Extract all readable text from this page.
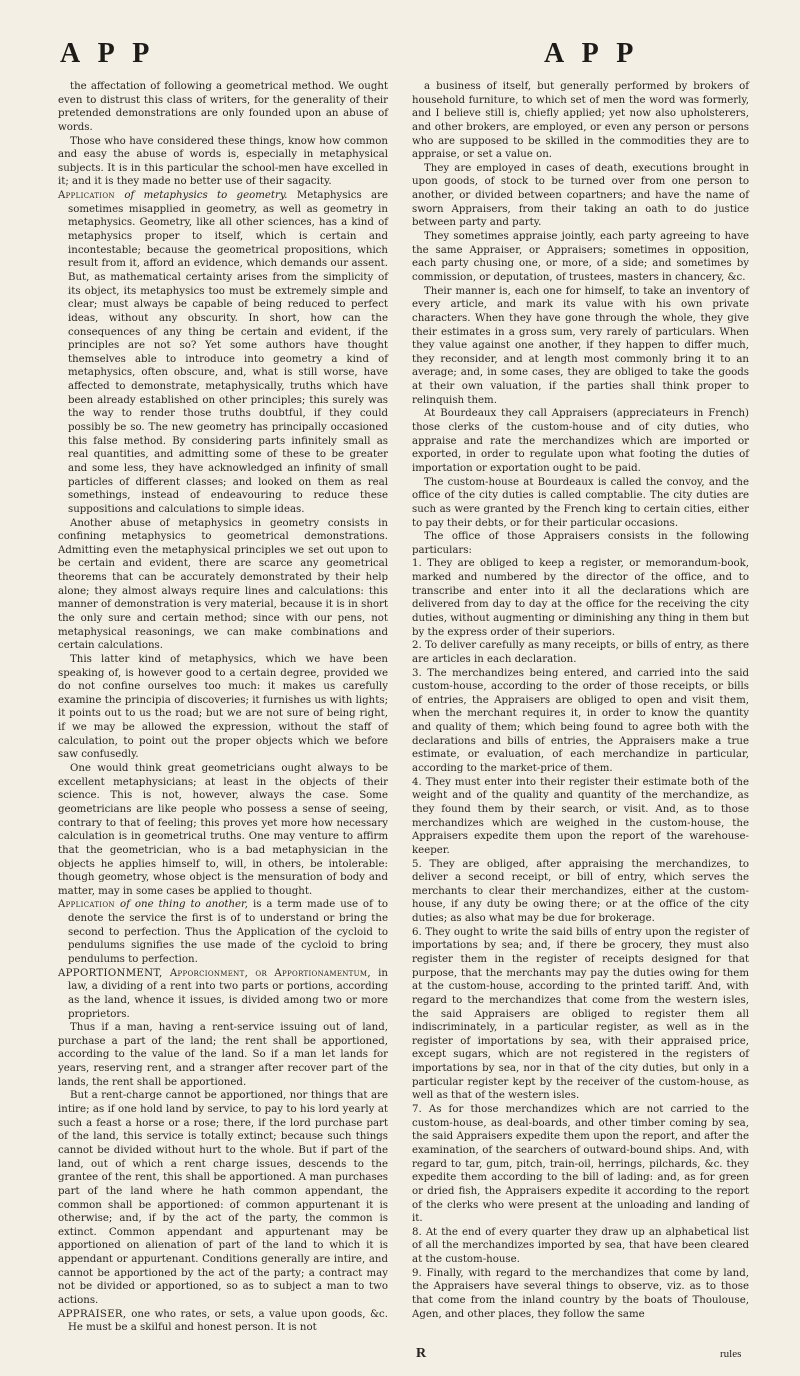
A P P	A P P

the affectation of following a geometrical method. We ought even to distrust this class of writers, for the generality of their pretended demonstrations are only founded upon an abuse of words.

Those who have considered these things, know how common and easy the abuse of words is, especially in metaphysical subjects. It is in this particular the school-men have excelled in it; and it is they made no better use of their sagacity.

Application of metaphysics to geometry. Metaphysics are sometimes misapplied in geometry, as well as geometry in metaphysics. Geometry, like all other sciences, has a kind of metaphysics proper to itself, which is certain and incontestable; because the geometrical propositions, which result from it, afford an evidence, which demands our assent. But, as mathematical certainty arises from the simplicity of its object, its metaphysics too must be extremely simple and clear; must always be capable of being reduced to perfect ideas, without any obscurity. In short, how can the consequences of any thing be certain and evident, if the principles are not so? Yet some authors have thought themselves able to introduce into geometry a kind of metaphysics, often obscure, and, what is still worse, have affected to demonstrate, metaphysically, truths which have been already established on other principles; this surely was the way to render those truths doubtful, if they could possibly be so. The new geometry has principally occasioned this false method. By considering parts infinitely small as real quantities, and admitting some of these to be greater and some less, they have acknowledged an infinity of small particles of different classes; and looked on them as real somethings, instead of endeavouring to reduce these suppositions and calculations to simple ideas.

Another abuse of metaphysics in geometry consists in confining metaphysics to geometrical demonstrations. Admitting even the metaphysical principles we set out upon to be certain and evident, there are scarce any geometrical theorems that can be accurately demonstrated by their help alone; they almost always require lines and calculations: this manner of demonstration is very material, because it is in short the only sure and certain method; since with our pens, not metaphysical reasonings, we can make combinations and certain calculations.

This latter kind of metaphysics, which we have been speaking of, is however good to a certain degree, provided we do not confine ourselves too much: it makes us carefully examine the principia of discoveries; it furnishes us with lights; it points out to us the road; but we are not sure of being right, if we may be allowed the expression, without the staff of calculation, to point out the proper objects which we before saw confusedly.

One would think great geometricians ought always to be excellent metaphysicians; at least in the objects of their science. This is not, however, always the case. Some geometricians are like people who possess a sense of seeing, contrary to that of feeling; this proves yet more how necessary calculation is in geometrical truths. One may venture to affirm that the geometrician, who is a bad metaphysician in the objects he applies himself to, will, in others, be intolerable: though geometry, whose object is the mensuration of body and matter, may in some cases be applied to thought.

Application of one thing to another, is a term made use of to denote the service the first is of to understand or bring the second to perfection. Thus the Application of the cycloid to pendulums signifies the use made of the cycloid to bring pendulums to perfection.

APPORTIONMENT, Apporcionment, or Apportionamentum, in law, a dividing of a rent into two parts or portions, according as the land, whence it issues, is divided among two or more proprietors.

Thus if a man, having a rent-service issuing out of land, purchase a part of the land; the rent shall be apportioned, according to the value of the land. So if a man let lands for years, reserving rent, and a stranger after recover part of the lands, the rent shall be apportioned.

But a rent-charge cannot be apportioned, nor things that are intire; as if one hold land by service, to pay to his lord yearly at such a feast a horse or a rose; there, if the lord purchase part of the land, this service is totally extinct; because such things cannot be divided without hurt to the whole. But if part of the land, out of which a rent charge issues, descends to the grantee of the rent, this shall be apportioned. A man purchases part of the land where he hath common appendant, the common shall be apportioned: of common appurtenant it is otherwise; and, if by the act of the party, the common is extinct. Common appendant and appurtenant may be apportioned on alienation of part of the land to which it is appendant or appurtenant. Conditions generally are intire, and cannot be apportioned by the act of the party; a contract may not be divided or apportioned, so as to subject a man to two actions.

APPRAISER, one who rates, or sets, a value upon goods, &c. He must be a skilful and honest person. It is not

a business of itself, but generally performed by brokers of household furniture, to which set of men the word was formerly, and I believe still is, chiefly applied; yet now also upholsterers, and other brokers, are employed, or even any person or persons who are supposed to be skilled in the commodities they are to appraise, or set a value on.

They are employed in cases of death, executions brought in upon goods, of stock to be turned over from one person to another, or divided between copartners; and have the name of sworn Appraisers, from their taking an oath to do justice between party and party.

They sometimes appraise jointly, each party agreeing to have the same Appraiser, or Appraisers; sometimes in opposition, each party chusing one, or more, of a side; and sometimes by commission, or deputation, of trustees, masters in chancery, &c.

Their manner is, each one for himself, to take an inventory of every article, and mark its value with his own private characters. When they have gone through the whole, they give their estimates in a gross sum, very rarely of particulars. When they value against one another, if they happen to differ much, they reconsider, and at length most commonly bring it to an average; and, in some cases, they are obliged to take the goods at their own valuation, if the parties shall think proper to relinquish them.

At Bourdeaux they call Appraisers (appreciateurs in French) those clerks of the custom-house and of city duties, who appraise and rate the merchandizes which are imported or exported, in order to regulate upon what footing the duties of importation or exportation ought to be paid.

The custom-house at Bourdeaux is called the convoy, and the office of the city duties is called comptablie. The city duties are such as were granted by the French king to certain cities, either to pay their debts, or for their particular occasions.

The office of those Appraisers consists in the following particulars:

1. They are obliged to keep a register, or memorandum-book, marked and numbered by the director of the office, and to transcribe and enter into it all the declarations which are delivered from day to day at the office for the receiving the city duties, without augmenting or diminishing any thing in them but by the express order of their superiors.

2. To deliver carefully as many receipts, or bills of entry, as there are articles in each declaration.

3. The merchandizes being entered, and carried into the said custom-house, according to the order of those receipts, or bills of entries, the Appraisers are obliged to open and visit them, when the merchant requires it, in order to know the quantity and quality of them; which being found to agree both with the declarations and bills of entries, the Appraisers make a true estimate, or evaluation, of each merchandize in particular, according to the market-price of them.

4. They must enter into their register their estimate both of the weight and of the quality and quantity of the merchandize, as they found them by their search, or visit. And, as to those merchandizes which are weighed in the custom-house, the Appraisers expedite them upon the report of the warehouse-keeper.

5. They are obliged, after appraising the merchandizes, to deliver a second receipt, or bill of entry, which serves the merchants to clear their merchandizes, either at the custom-house, if any duty be owing there; or at the office of the city duties; as also what may be due for brokerage.

6. They ought to write the said bills of entry upon the register of importations by sea; and, if there be grocery, they must also register them in the register of receipts designed for that purpose, that the merchants may pay the duties owing for them at the custom-house, according to the printed tariff. And, with regard to the merchandizes that come from the western isles, the said Appraisers are obliged to register them all indiscriminately, in a particular register, as well as in the register of importations by sea, with their appraised price, except sugars, which are not registered in the registers of importations by sea, nor in that of the city duties, but only in a particular register kept by the receiver of the custom-house, as well as that of the western isles.

7. As for those merchandizes which are not carried to the custom-house, as deal-boards, and other timber coming by sea, the said Appraisers expedite them upon the report, and after the examination, of the searchers of outward-bound ships. And, with regard to tar, gum, pitch, train-oil, herrings, pilchards, &c. they expedite them according to the bill of lading: and, as for green or dried fish, the Appraisers expedite it according to the report of the clerks who were present at the unloading and landing of it.

8. At the end of every quarter they draw up an alphabetical list of all the merchandizes imported by sea, that have been cleared at the custom-house.

9. Finally, with regard to the merchandizes that come by land, the Appraisers have several things to observe, viz. as to those that come from the inland country by the boats of Thoulouse, Agen, and other places, they follow the same

R	rules
